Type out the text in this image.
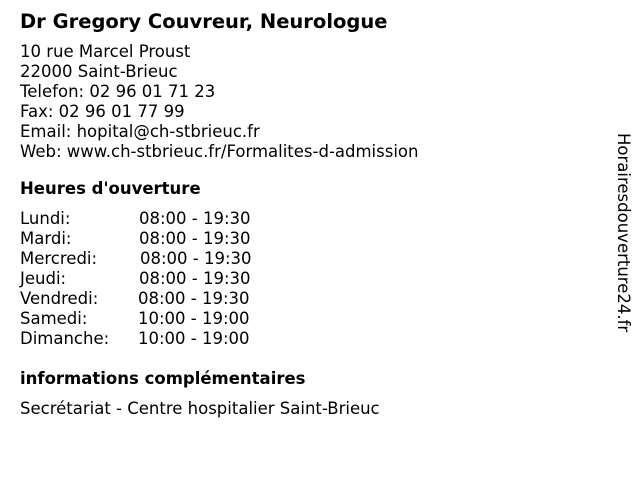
Dr Gregory Couvreur, Neurologue
10 rue Marcel Proust
22000 Saint-Brieuc
Telefon: 02 96 01 71 23
Fax: 02 96 01 77 99
Email: hopital@ch-stbrieuc.fr
Web: www.ch-stbrieuc.fr/Formalites-d-admission
Heures d'ouverture
Lundi:	08:00 - 19:30
Mardi:	08:00 - 19:30
Mercredi:	08:00 - 19:30
Jeudi:	08:00 - 19:30
Vendredi: 08:00 - 19:30
Samedi:	10:00 - 19:00
Dimanche: 10:00 - 19:00
informations complémentaires
Secrétariat - Centre hospitalier Saint-Brieuc
Horairesdouverture24.fr
